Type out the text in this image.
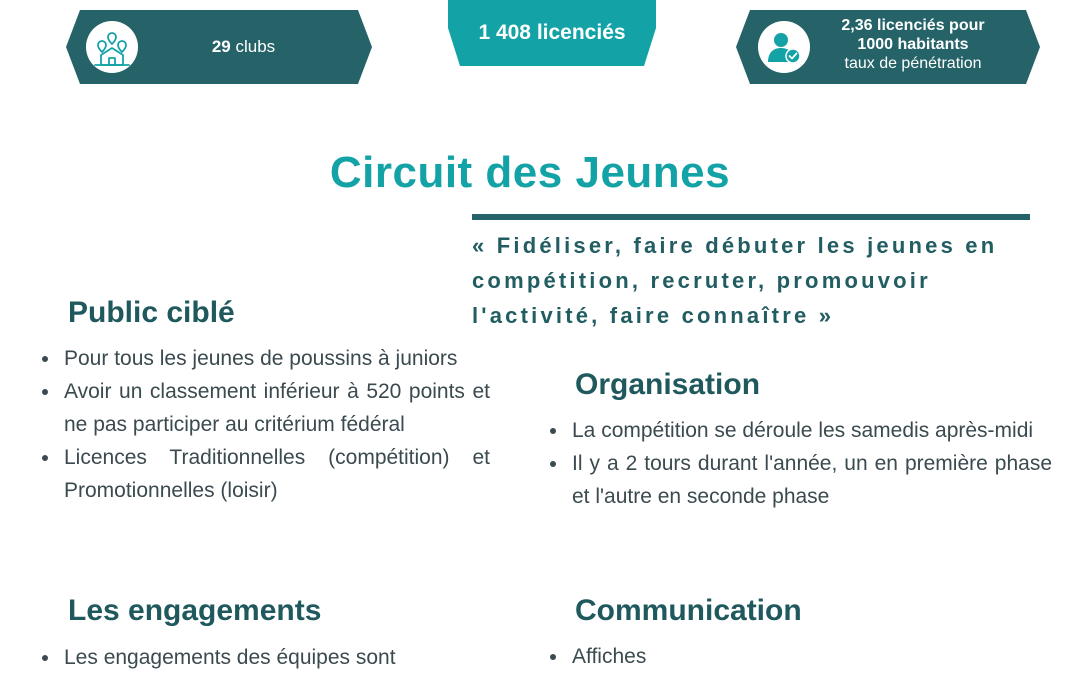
29 clubs
1 408 licenciés	2,36 licenciés pour
1000 habitants
taux de pénétration
Circuit des Jeunes

« Fidéliser, faire débuter les jeunes en compétition, recruter, promouvoir l'activité, faire connaître »

Public ciblé
Pour tous les jeunes de poussins à juniors
Avoir un classement inférieur à 520 points et ne pas participer au critérium fédéral
Licences Traditionnelles (compétition) et Promotionnelles (loisir)
Organisation
La compétition se déroule les samedis après-midi
Il y a 2 tours durant l'année, un en première phase et l'autre en seconde phase
Les engagements
Les engagements des équipes sont
Communication
Affiches
